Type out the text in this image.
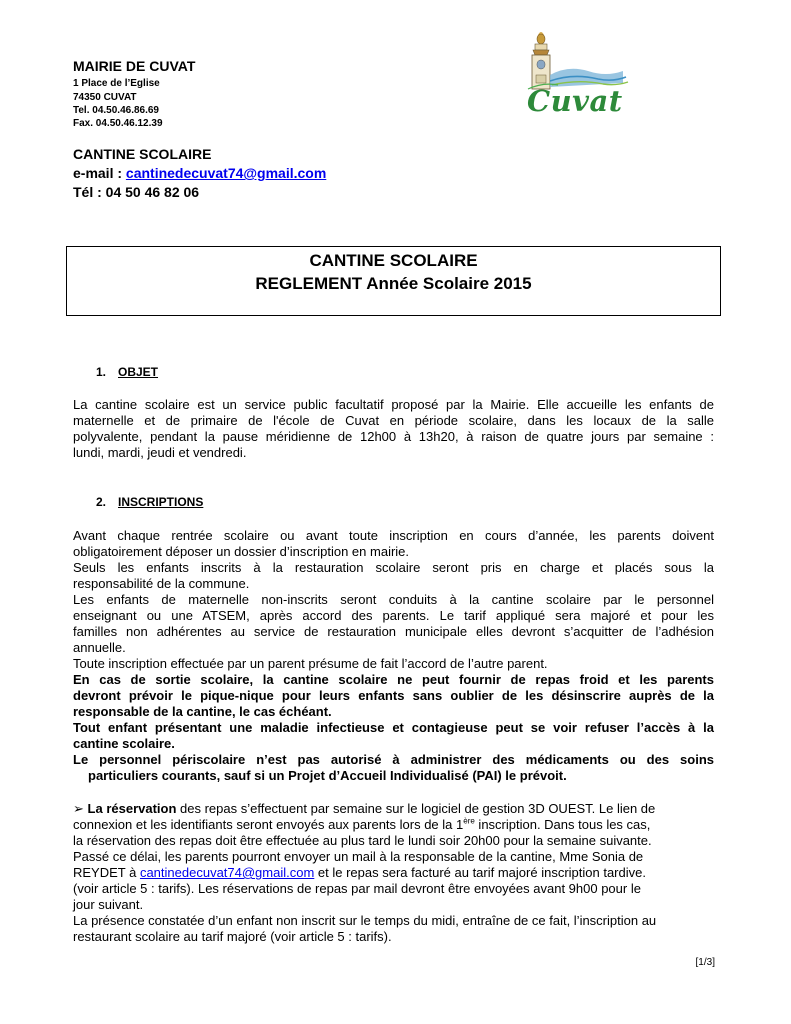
MAIRIE DE CUVAT
1 Place de l’Eglise
74350 CUVAT
Tel. 04.50.46.86.69
Fax. 04.50.46.12.39
CANTINE SCOLAIRE
e-mail : cantinedecuvat74@gmail.com
Tél : 04 50 46 82 06
Cuvat
CANTINE SCOLAIRE
REGLEMENT Année Scolaire 2015
1. OBJET
La cantine scolaire est un service public facultatif proposé par la Mairie. Elle accueille les enfants de
maternelle et de primaire de l'école de Cuvat en période scolaire, dans les locaux de la salle
polyvalente, pendant la pause méridienne de 12h00 à 13h20, à raison de quatre jours par semaine :
lundi, mardi, jeudi et vendredi.
2. INSCRIPTIONS
Avant chaque rentrée scolaire ou avant toute inscription en cours d’année, les parents doivent
obligatoirement déposer un dossier d’inscription en mairie.
Seuls les enfants inscrits à la restauration scolaire seront pris en charge et placés sous la
responsabilité de la commune.
Les enfants de maternelle non-inscrits seront conduits à la cantine scolaire par le personnel
enseignant ou une ATSEM, après accord des parents. Le tarif appliqué sera majoré et pour les
familles non adhérentes au service de restauration municipale elles devront s’acquitter de l’adhésion
annuelle.
Toute inscription effectuée par un parent présume de fait l’accord de l’autre parent.
En cas de sortie scolaire, la cantine scolaire ne peut fournir de repas froid et les parents
devront prévoir le pique-nique pour leurs enfants sans oublier de les désinscrire auprès de la
responsable de la cantine, le cas échéant.
Tout enfant présentant une maladie infectieuse et contagieuse peut se voir refuser l’accès à la
cantine scolaire.
Le personnel périscolaire n’est pas autorisé à administrer des médicaments ou des soins
particuliers courants, sauf si un Projet d’Accueil Individualisé (PAI) le prévoit.
➢ La réservation des repas s’effectuent par semaine sur le logiciel de gestion 3D OUEST. Le lien de
connexion et les identifiants seront envoyés aux parents lors de la 1ère inscription. Dans tous les cas,
la réservation des repas doit être effectuée au plus tard le lundi soir 20h00 pour la semaine suivante.
Passé ce délai, les parents pourront envoyer un mail à la responsable de la cantine, Mme Sonia de
REYDET à cantinedecuvat74@gmail.com et le repas sera facturé au tarif majoré inscription tardive.
(voir article 5 : tarifs). Les réservations de repas par mail devront être envoyées avant 9h00 pour le
jour suivant.
La présence constatée d’un enfant non inscrit sur le temps du midi, entraîne de ce fait, l’inscription au
restaurant scolaire au tarif majoré (voir article 5 : tarifs).
[1/3]
